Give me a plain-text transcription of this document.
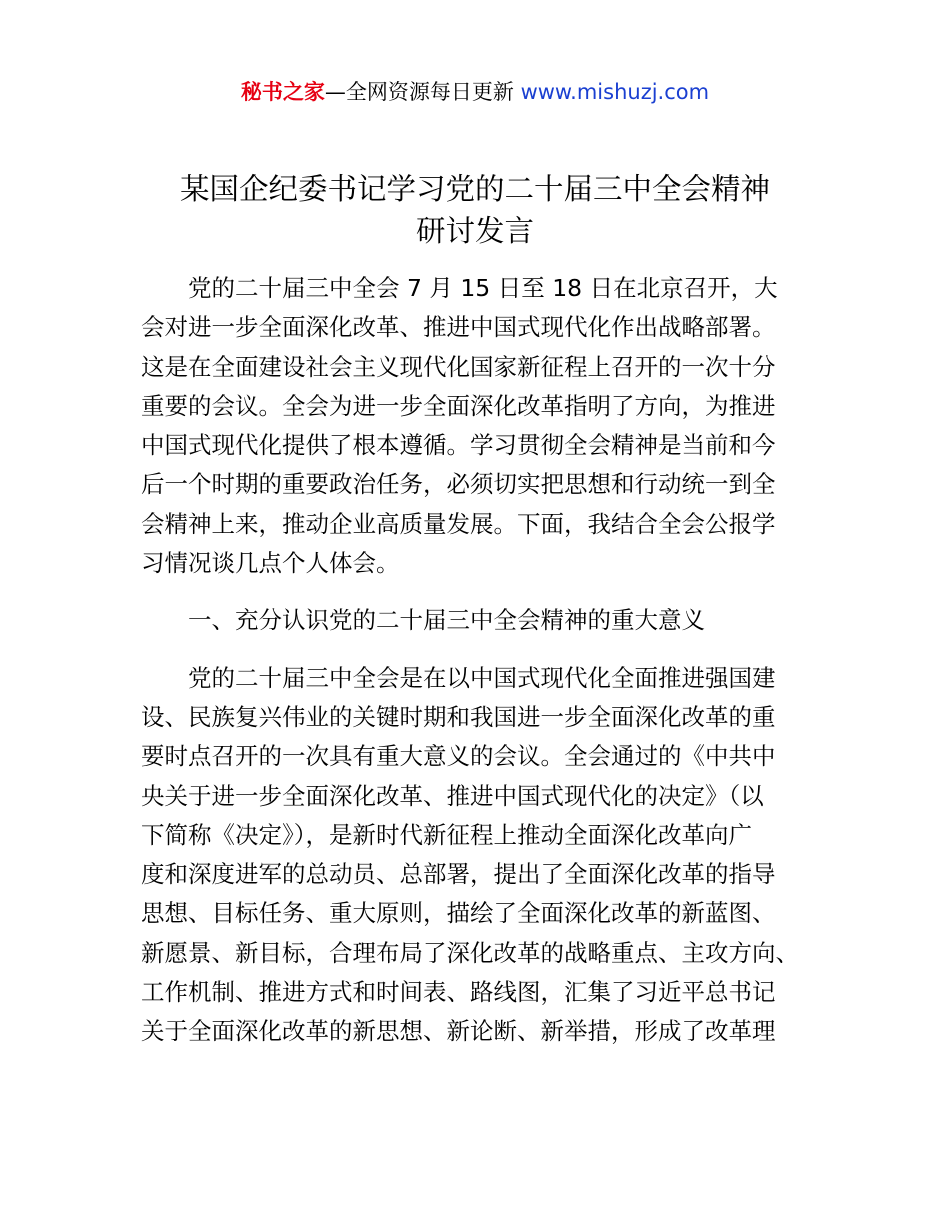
秘书之家—全网资源每日更新 www.mishuzj.com
某国企纪委书记学习党的二十届三中全会精神
研讨发言
党的二十届三中全会 7 月 15 日至 18 日在北京召开，大
会对进一步全面深化改革、推进中国式现代化作出战略部署。
这是在全面建设社会主义现代化国家新征程上召开的一次十分
重要的会议。全会为进一步全面深化改革指明了方向，为推进
中国式现代化提供了根本遵循。学习贯彻全会精神是当前和今
后一个时期的重要政治任务，必须切实把思想和行动统一到全
会精神上来，推动企业高质量发展。下面，我结合全会公报学
习情况谈几点个人体会。
一、充分认识党的二十届三中全会精神的重大意义
党的二十届三中全会是在以中国式现代化全面推进强国建
设、民族复兴伟业的关键时期和我国进一步全面深化改革的重
要时点召开的一次具有重大意义的会议。全会通过的《中共中
央关于进一步全面深化改革、推进中国式现代化的决定》（以
下简称《决定》），是新时代新征程上推动全面深化改革向广
度和深度进军的总动员、总部署，提出了全面深化改革的指导
思想、目标任务、重大原则，描绘了全面深化改革的新蓝图、
新愿景、新目标，合理布局了深化改革的战略重点、主攻方向、
工作机制、推进方式和时间表、路线图，汇集了习近平总书记
关于全面深化改革的新思想、新论断、新举措，形成了改革理
